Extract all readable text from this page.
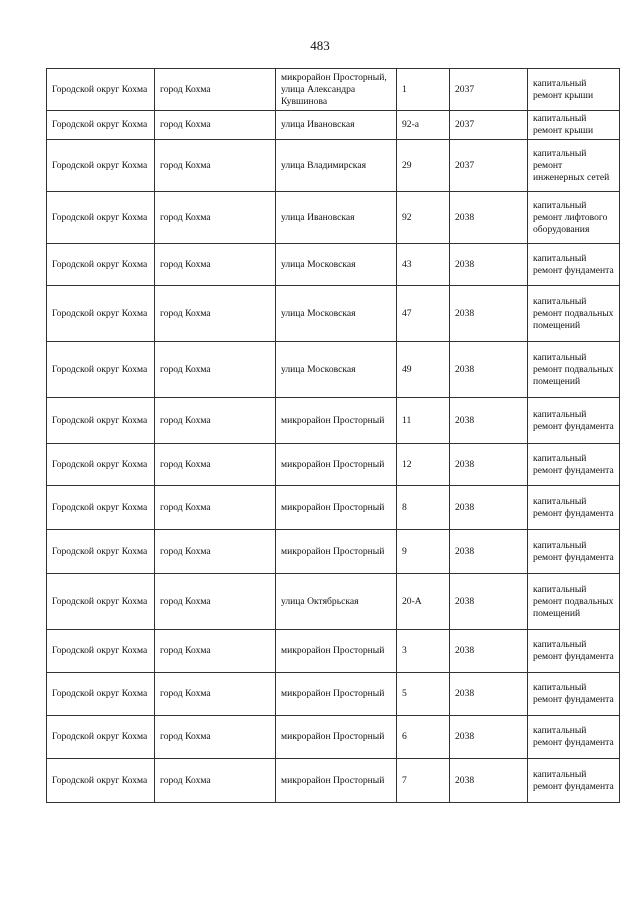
483
Городской округ Кохма	город Кохма	микрорайон Просторный, улица Александра Кувшинова	1	2037	капитальный ремонт крыши
Городской округ Кохма	город Кохма	улица Ивановская	92-а	2037	капитальный ремонт крыши
Городской округ Кохма	город Кохма	улица Владимирская	29	2037	капитальный ремонт инженерных сетей
Городской округ Кохма	город Кохма	улица Ивановская	92	2038	капитальный ремонт лифтового оборудования
Городской округ Кохма	город Кохма	улица Московская	43	2038	капитальный ремонт фундамента
Городской округ Кохма	город Кохма	улица Московская	47	2038	капитальный ремонт подвальных помещений
Городской округ Кохма	город Кохма	улица Московская	49	2038	капитальный ремонт подвальных помещений
Городской округ Кохма	город Кохма	микрорайон Просторный	11	2038	капитальный ремонт фундамента
Городской округ Кохма	город Кохма	микрорайон Просторный	12	2038	капитальный ремонт фундамента
Городской округ Кохма	город Кохма	микрорайон Просторный	8	2038	капитальный ремонт фундамента
Городской округ Кохма	город Кохма	микрорайон Просторный	9	2038	капитальный ремонт фундамента
Городской округ Кохма	город Кохма	улица Октябрьская	20-А	2038	капитальный ремонт подвальных помещений
Городской округ Кохма	город Кохма	микрорайон Просторный	3	2038	капитальный ремонт фундамента
Городской округ Кохма	город Кохма	микрорайон Просторный	5	2038	капитальный ремонт фундамента
Городской округ Кохма	город Кохма	микрорайон Просторный	6	2038	капитальный ремонт фундамента
Городской округ Кохма	город Кохма	микрорайон Просторный	7	2038	капитальный ремонт фундамента
